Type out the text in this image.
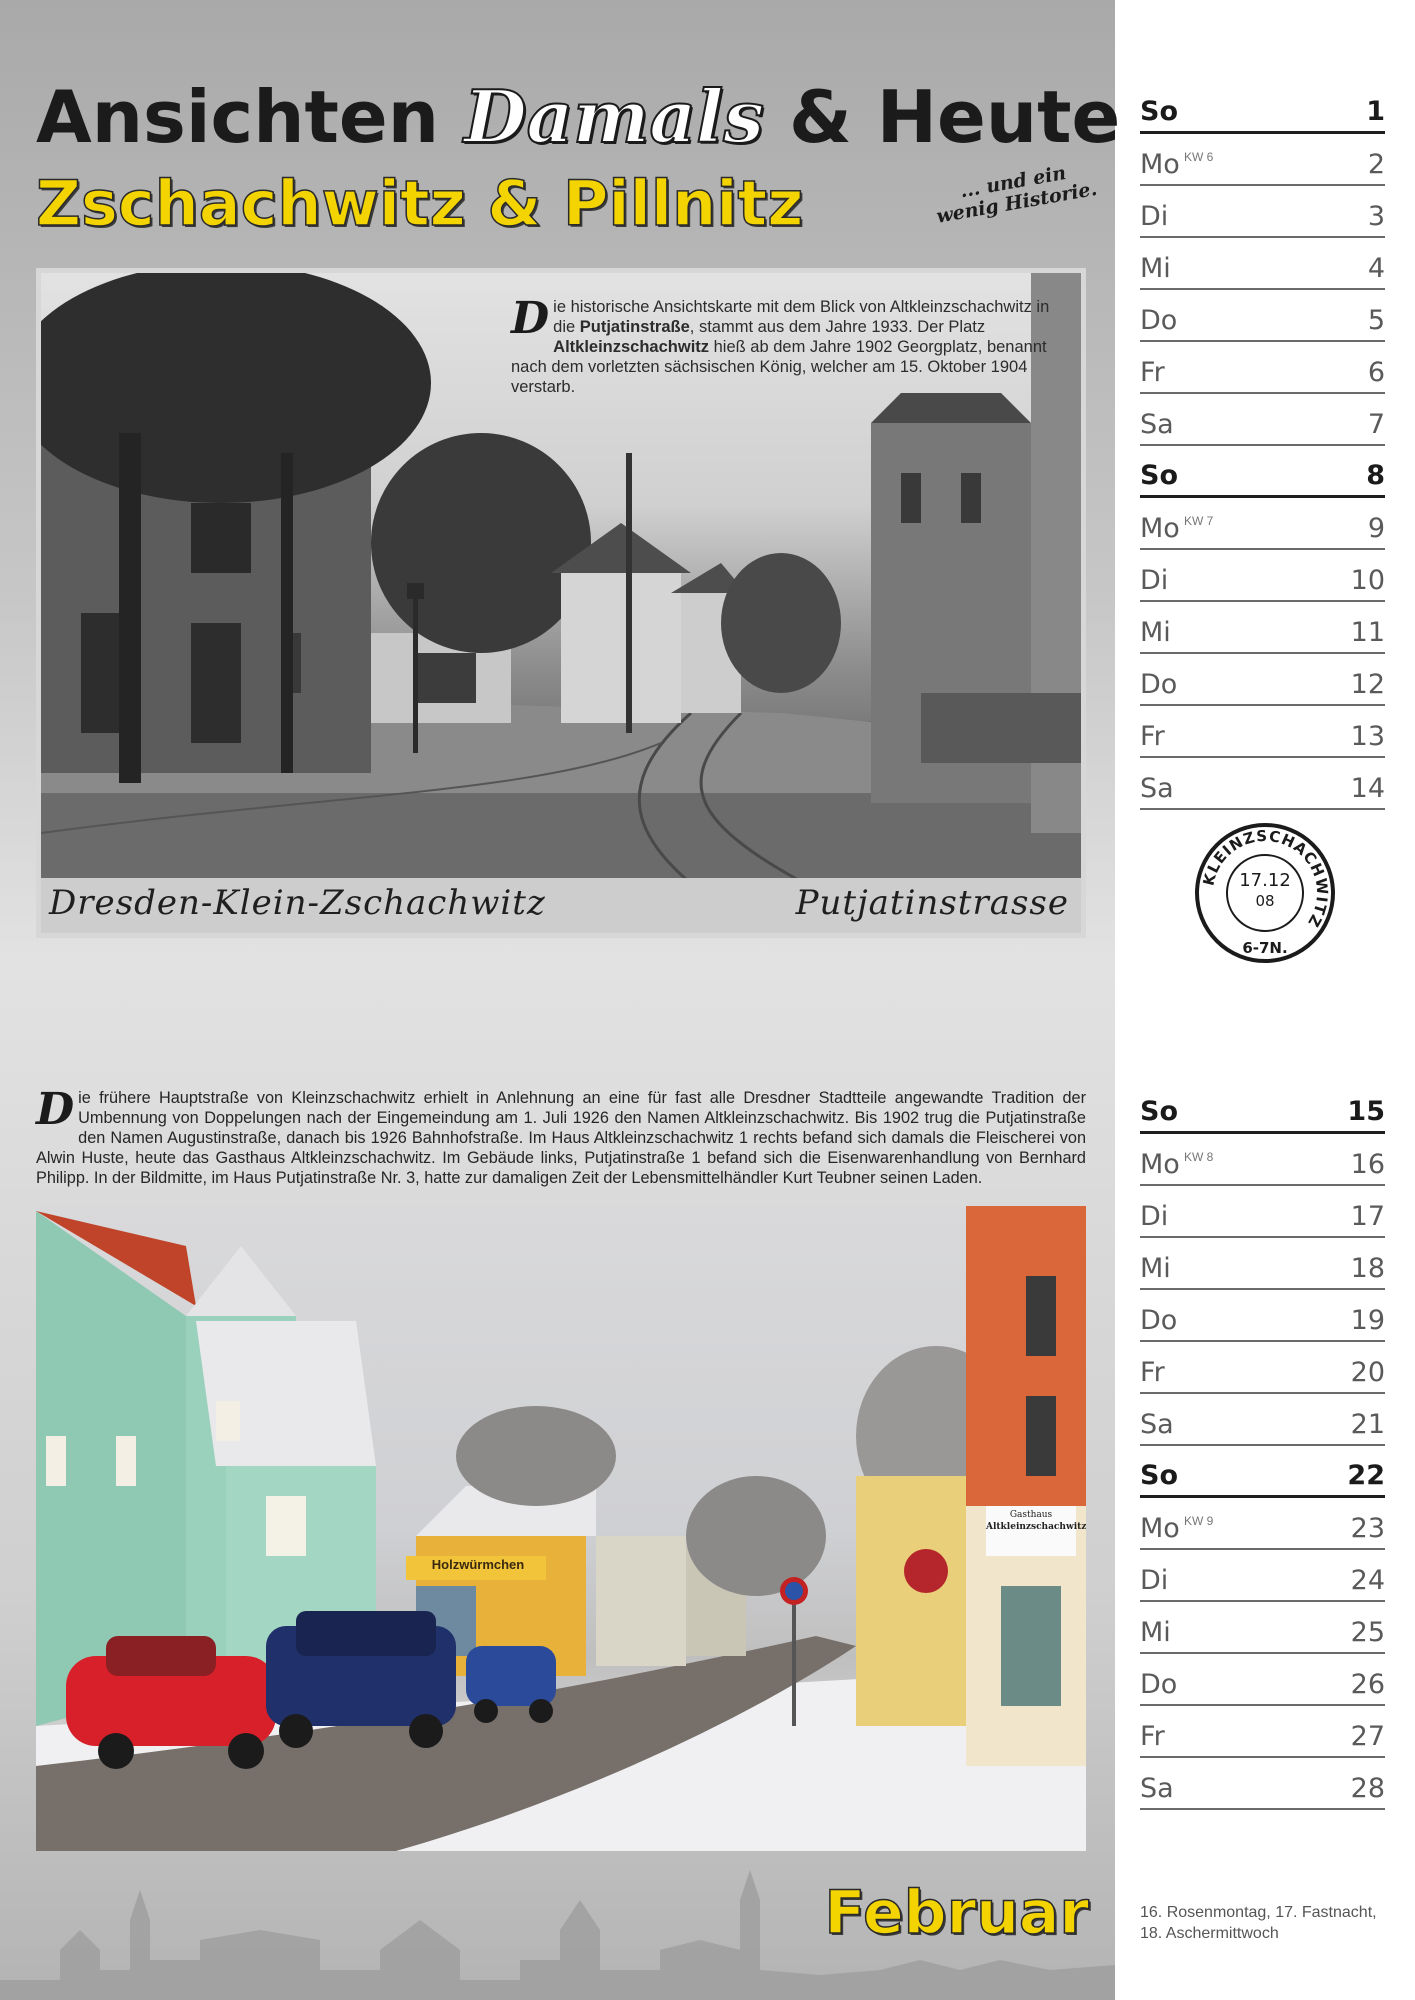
Ansichten Damals & Heute
Zschachwitz & Pillnitz	... und ein wenig Historie.
Die historische Ansichtskarte mit dem Blick von Altkleinzschachwitz in die Putjatinstraße, stammt aus dem Jahre 1933. Der Platz Altkleinzschachwitz hieß ab dem Jahre 1902 Georgplatz, benannt nach dem vorletzten sächsischen König, welcher am 15. Oktober 1904 verstarb.
Dresden-Klein-Zschachwitz	Putjatinstrasse
Die frühere Hauptstraße von Kleinzschachwitz erhielt in Anlehnung an eine für fast alle Dresdner Stadtteile angewandte Tradition der Umbennung von Doppelungen nach der Eingemeindung am 1. Juli 1926 den Namen Altkleinzschachwitz. Bis 1902 trug die Putjatinstraße den Namen Augustinstraße, danach bis 1926 Bahnhofstraße. Im Haus Altkleinzschachwitz 1 rechts befand sich damals die Fleischerei von Alwin Huste, heute das Gasthaus Altkleinzschachwitz. Im Gebäude links, Putjatinstraße 1 befand sich die Eisenwarenhandlung von Bernhard Philipp. In der Bildmitte, im Haus Putjatinstraße Nr. 3, hatte zur damaligen Zeit der Lebensmittelhändler Kurt Teubner seinen Laden.
Holzwürmchen
Gasthaus
Altkleinzschachwitz
Februar
So	1
Mo KW 6	2
Di	3
Mi	4
Do	5
Fr	6
Sa	7
So	8
Mo KW 7	9
Di	10
Mi	11
Do	12
Fr	13
Sa	14
So	15
Mo KW 8	16
Di	17
Mi	18
Do	19
Fr	20
Sa	21
So	22
Mo KW 9	23
Di	24
Mi	25
Do	26
Fr	27
Sa	28
KLEINZSCHACHWITZ
17.12
08
6-7N.
16. Rosenmontag, 17. Fastnacht, 18. Aschermittwoch
